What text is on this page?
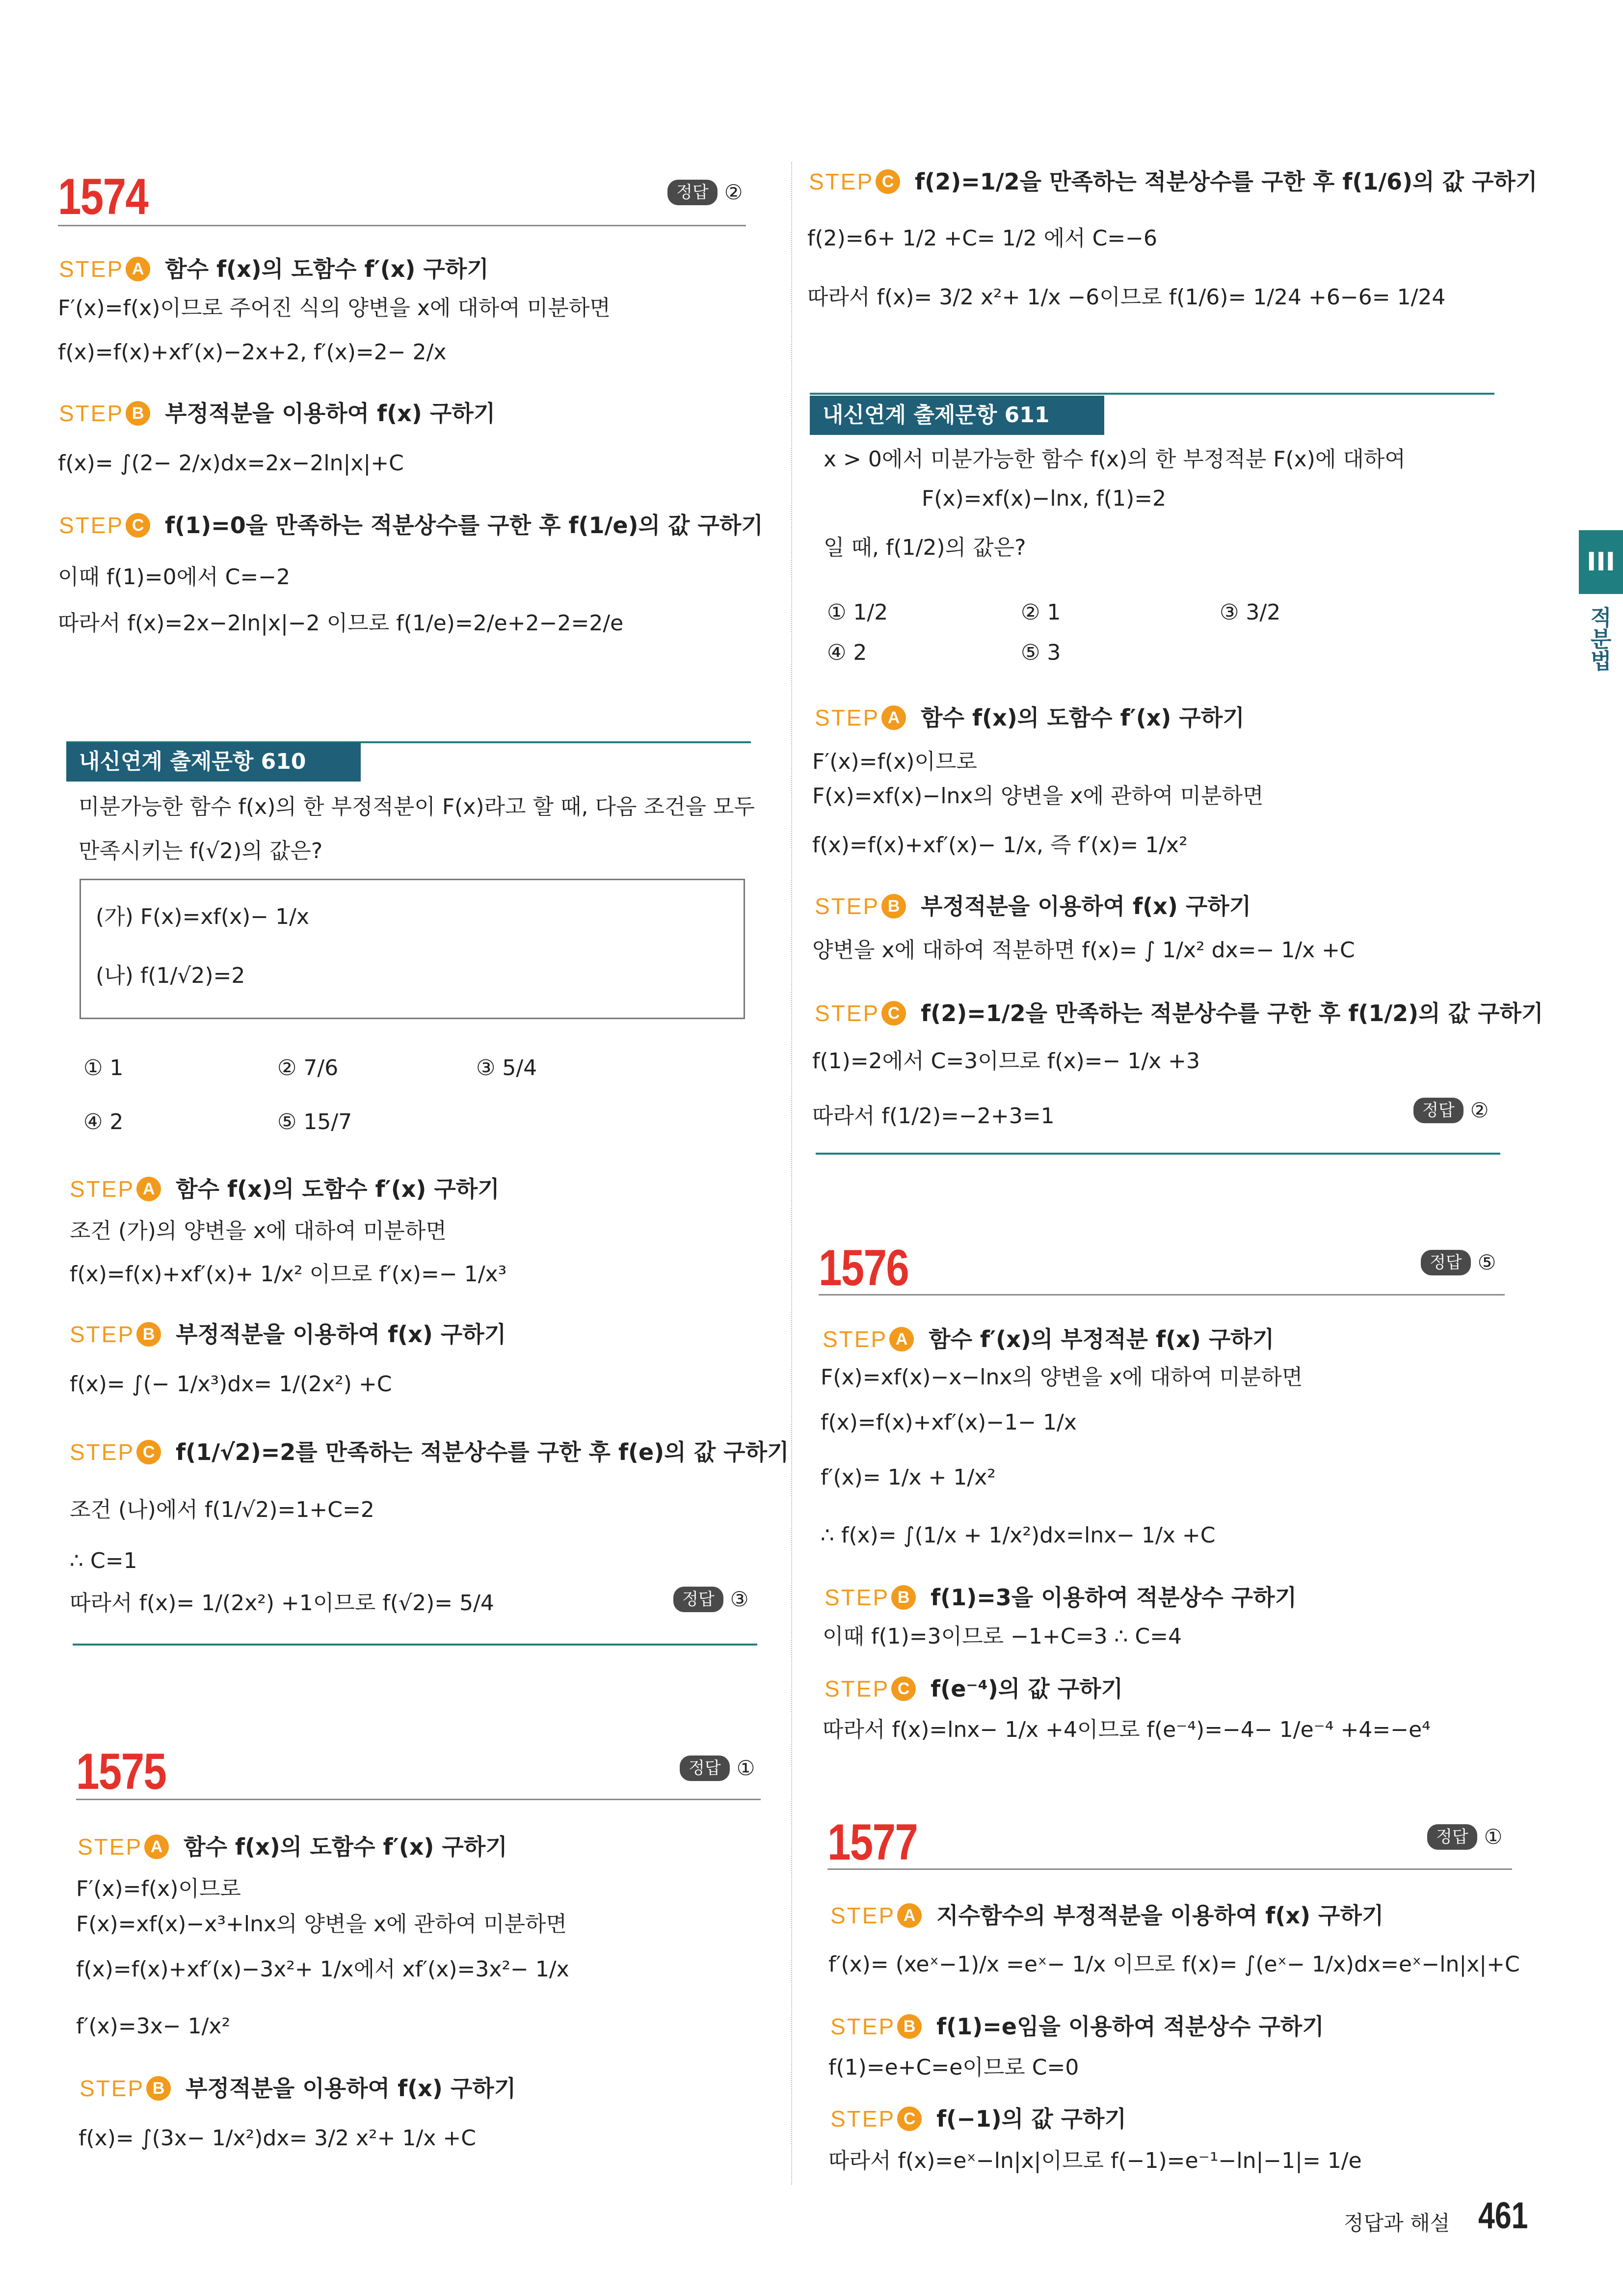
1574	정답 ②
STEP A 함수 f(x)의 도함수 f′(x) 구하기
F′(x)=f(x)이므로 주어진 식의 양변을 x에 대하여 미분하면
f(x)=f(x)+xf′(x)−2x+2, f′(x)=2− 2/x
STEP B 부정적분을 이용하여 f(x) 구하기
f(x)= ∫(2− 2/x)dx=2x−2ln|x|+C
STEP C f(1)=0을 만족하는 적분상수를 구한 후 f(1/e)의 값 구하기
이때 f(1)=0에서 C=−2
따라서 f(x)=2x−2ln|x|−2 이므로 f(1/e)=2/e+2−2=2/e
내신연계 출제문항 610
미분가능한 함수 f(x)의 한 부정적분이 F(x)라고 할 때, 다음 조건을 모두
만족시키는 f(√2)의 값은?
(가) F(x)=xf(x)− 1/x
(나) f(1/√2)=2
① 1	② 7/6	③ 5/4
④ 2	⑤ 15/7
STEP A 함수 f(x)의 도함수 f′(x) 구하기
조건 (가)의 양변을 x에 대하여 미분하면
f(x)=f(x)+xf′(x)+ 1/x² 이므로 f′(x)=− 1/x³
STEP B 부정적분을 이용하여 f(x) 구하기
f(x)= ∫(− 1/x³)dx= 1/(2x²) +C
STEP C f(1/√2)=2를 만족하는 적분상수를 구한 후 f(e)의 값 구하기
조건 (나)에서 f(1/√2)=1+C=2
∴ C=1
따라서 f(x)= 1/(2x²) +1이므로 f(√2)= 5/4	정답 ③
1575	정답 ①
STEP A 함수 f(x)의 도함수 f′(x) 구하기
F′(x)=f(x)이므로
F(x)=xf(x)−x³+lnx의 양변을 x에 관하여 미분하면
f(x)=f(x)+xf′(x)−3x²+ 1/x에서 xf′(x)=3x²− 1/x
f′(x)=3x− 1/x²
STEP B 부정적분을 이용하여 f(x) 구하기
f(x)= ∫(3x− 1/x²)dx= 3/2 x²+ 1/x +C
STEP C f(2)=1/2을 만족하는 적분상수를 구한 후 f(1/6)의 값 구하기
f(2)=6+ 1/2 +C= 1/2 에서 C=−6
따라서 f(x)= 3/2 x²+ 1/x −6이므로 f(1/6)= 1/24 +6−6= 1/24
내신연계 출제문항 611
x > 0에서 미분가능한 함수 f(x)의 한 부정적분 F(x)에 대하여
F(x)=xf(x)−lnx, f(1)=2
일 때, f(1/2)의 값은?
① 1/2	② 1	③ 3/2
④ 2	⑤ 3
STEP A 함수 f(x)의 도함수 f′(x) 구하기
F′(x)=f(x)이므로
F(x)=xf(x)−lnx의 양변을 x에 관하여 미분하면
f(x)=f(x)+xf′(x)− 1/x, 즉 f′(x)= 1/x²
STEP B 부정적분을 이용하여 f(x) 구하기
양변을 x에 대하여 적분하면 f(x)= ∫ 1/x² dx=− 1/x +C
STEP C f(2)=1/2을 만족하는 적분상수를 구한 후 f(1/2)의 값 구하기
f(1)=2에서 C=3이므로 f(x)=− 1/x +3
따라서 f(1/2)=−2+3=1	정답 ②
1576	정답 ⑤
STEP A 함수 f′(x)의 부정적분 f(x) 구하기
F(x)=xf(x)−x−lnx의 양변을 x에 대하여 미분하면
f(x)=f(x)+xf′(x)−1− 1/x
f′(x)= 1/x + 1/x²
∴ f(x)= ∫(1/x + 1/x²)dx=lnx− 1/x +C
STEP B f(1)=3을 이용하여 적분상수 구하기
이때 f(1)=3이므로 −1+C=3 ∴ C=4
STEP C f(e⁻⁴)의 값 구하기
따라서 f(x)=lnx− 1/x +4이므로 f(e⁻⁴)=−4− 1/e⁻⁴ +4=−e⁴
1577	정답 ①
STEP A 지수함수의 부정적분을 이용하여 f(x) 구하기
f′(x)= (xeˣ−1)/x =eˣ− 1/x 이므로 f(x)= ∫(eˣ− 1/x)dx=eˣ−ln|x|+C
STEP B f(1)=e임을 이용하여 적분상수 구하기
f(1)=e+C=e이므로 C=0
STEP C f(−1)의 값 구하기
따라서 f(x)=eˣ−ln|x|이므로 f(−1)=e⁻¹−ln|−1|= 1/e
III
적분법
정답과 해설 461
